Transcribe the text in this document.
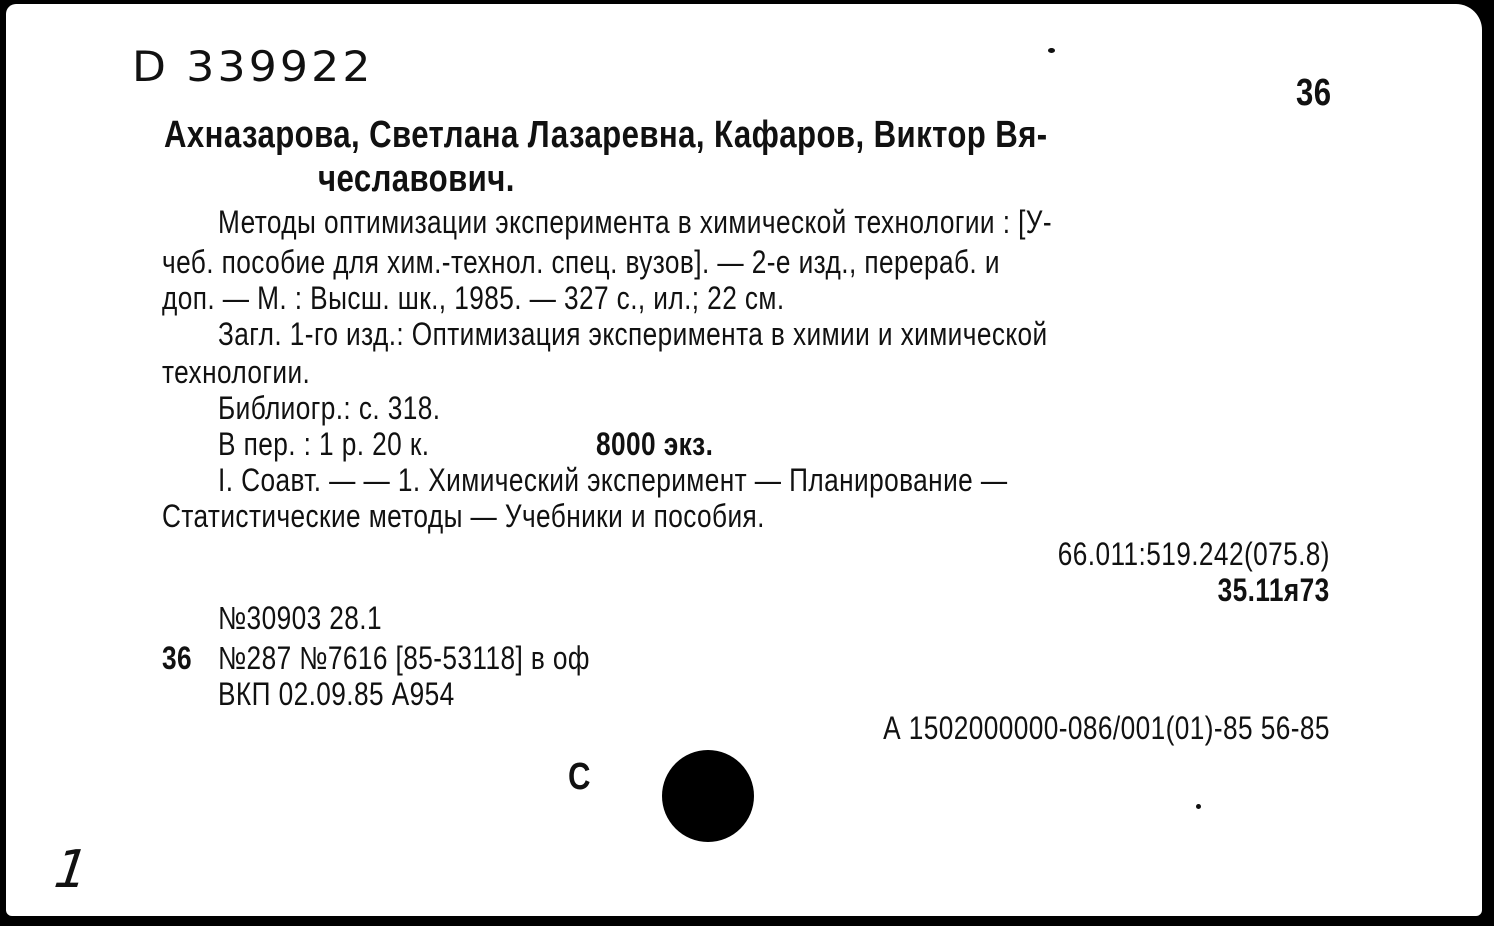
D 339922
36
Ахназарова, Светлана Лазаревна, Кафаров, Виктор Вя-
чеславович.
Методы оптимизации эксперимента в химической технологии : [У-
чеб. пособие для хим.-технол. спец. вузов]. — 2-е изд., перераб. и
доп. — М. : Высш. шк., 1985. — 327 с., ил.; 22 см.
Загл. 1-го изд.: Оптимизация эксперимента в химии и химической
технологии.
Библиогр.: с. 318.
В пер. : 1 р. 20 к.	8000 экз.
I. Соавт. — — 1. Химический эксперимент — Планирование —
Статистические методы — Учебники и пособия.
66.011:519.242(075.8)
35.11я73
№30903 28.1
36 №287 №7616 [85-53118] в оф
ВКП 02.09.85 А954
А 1502000000-086/001(01)-85 56-85
С
1
